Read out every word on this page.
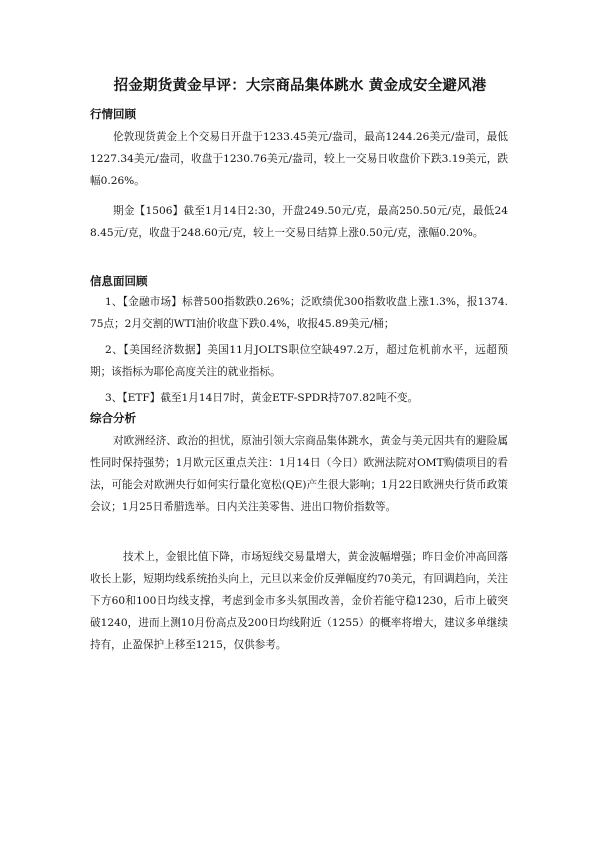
招金期货黄金早评：大宗商品集体跳水 黄金成安全避风港
行情回顾

伦敦现货黄金上个交易日开盘于1233.45美元/盎司，最高1244.26美元/盎司，最低1227.34美元/盎司，收盘于1230.76美元/盎司，较上一交易日收盘价下跌3.19美元，跌幅0.26%。

期金【1506】截至1月14日2:30，开盘249.50元/克，最高250.50元/克，最低248.45元/克，收盘于248.60元/克，较上一交易日结算上涨0.50元/克，涨幅0.20%。

信息面回顾

1、【金融市场】标普500指数跌0.26%；泛欧绩优300指数收盘上涨1.3%，报1374.75点；2月交割的WTI油价收盘下跌0.4%，收报45.89美元/桶；

2、【美国经济数据】美国11月JOLTS职位空缺497.2万，超过危机前水平，远超预期；该指标为耶伦高度关注的就业指标。

3、【ETF】截至1月14日7时，黄金ETF-SPDR持707.82吨不变。

综合分析

对欧洲经济、政治的担忧，原油引领大宗商品集体跳水，黄金与美元因共有的避险属性同时保持强势；1月欧元区重点关注：1月14日（今日）欧洲法院对OMT购债项目的看法，可能会对欧洲央行如何实行量化宽松(QE)产生很大影响；1月22日欧洲央行货币政策会议；1月25日希腊选举。日内关注美零售、进出口物价指数等。

技术上，金银比值下降，市场短线交易量增大，黄金波幅增强；昨日金价冲高回落收长上影，短期均线系统抬头向上，元旦以来金价反弹幅度约70美元，有回调趋向，关注下方60和100日均线支撑，考虑到金市多头氛围改善，金价若能守稳1230，后市上破突破1240，进而上测10月份高点及200日均线附近（1255）的概率将增大，建议多单继续持有，止盈保护上移至1215，仅供参考。
